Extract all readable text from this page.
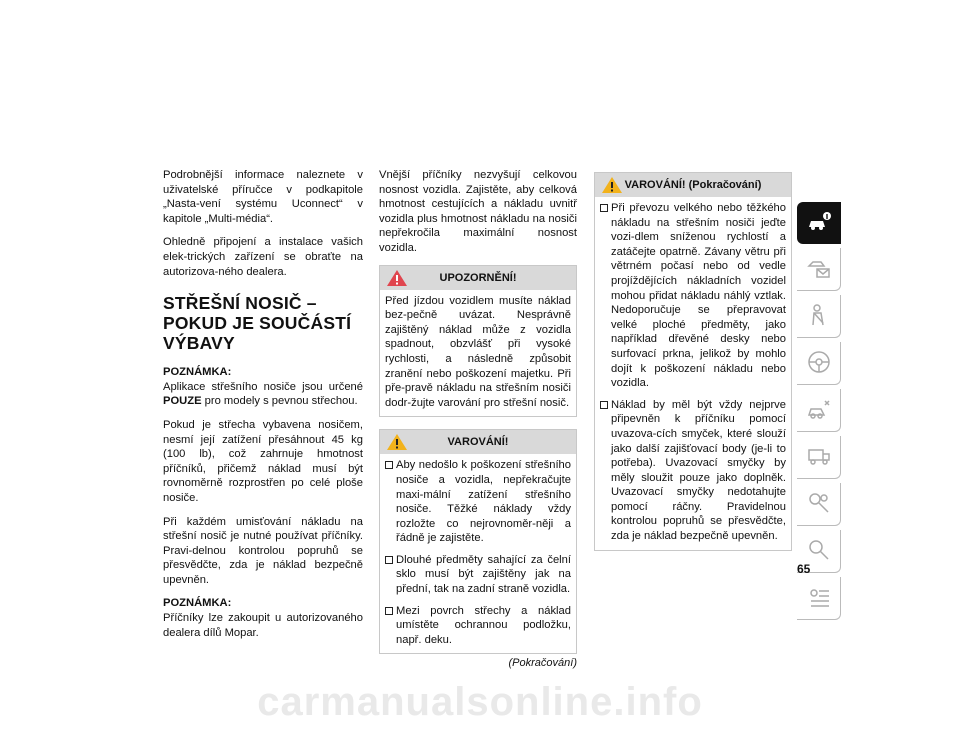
Podrobnější informace naleznete v uživatelské příručce v podkapitole „Nasta-vení systému Uconnect“ v kapitole „Multi-média“.

Ohledně připojení a instalace vašich elek-trických zařízení se obraťte na autorizova-ného dealera.

STŘEŠNÍ NOSIČ – POKUD JE SOUČÁSTÍ VÝBAVY

POZNÁMKA:
Aplikace střešního nosiče jsou určené POUZE pro modely s pevnou střechou.

Pokud je střecha vybavena nosičem, nesmí její zatížení přesáhnout 45 kg (100 lb), což zahrnuje hmotnost příčníků, přičemž náklad musí být rovnoměrně rozprostřen po celé ploše nosiče.

Při každém umisťování nákladu na střešní nosič je nutné používat příčníky. Pravi-delnou kontrolou popruhů se přesvědčte, zda je náklad bezpečně upevněn.

POZNÁMKA:
Příčníky lze zakoupit u autorizovaného dealera dílů Mopar.

Vnější příčníky nezvyšují celkovou nosnost vozidla. Zajistěte, aby celková hmotnost cestujících a nákladu uvnitř vozidla plus hmotnost nákladu na nosiči nepřekročila maximální nosnost vozidla.

UPOZORNĚNÍ!

Před jízdou vozidlem musíte náklad bez-pečně uvázat. Nesprávně zajištěný náklad může z vozidla spadnout, obzvlášť při vysoké rychlosti, a následně způsobit zranění nebo poškození majetku. Při pře-pravě nákladu na střešním nosiči dodr-žujte varování pro střešní nosič.

VAROVÁNÍ!
Aby nedošlo k poškození střešního nosiče a vozidla, nepřekračujte maxi-mální zatížení střešního nosiče. Těžké náklady vždy rozložte co nejrovnoměr-něji a řádně je zajistěte.
Dlouhé předměty sahající za čelní sklo musí být zajištěny jak na přední, tak na zadní straně vozidla.
Mezi povrch střechy a náklad umístěte ochrannou podložku, např. deku.
(Pokračování)
VAROVÁNÍ! (Pokračování)
Při převozu velkého nebo těžkého nákladu na střešním nosiči jeďte vozi-dlem sníženou rychlostí a zatáčejte opatrně. Závany větru při větrném počasí nebo od vedle projíždějících nákladních vozidel mohou přidat nákladu náhlý vztlak. Nedoporučuje se přepravovat velké ploché předměty, jako například dřevěné desky nebo surfovací prkna, jelikož by mohlo dojít k poškození nákladu nebo vozidla.
Náklad by měl být vždy nejprve připevněn k příčníku pomocí uvazova-cích smyček, které slouží jako další zajišťovací body (je-li to potřeba). Uvazovací smyčky by měly sloužit pouze jako doplněk. Uvazovací smyčky nedotahujte pomocí ráčny. Pravidelnou kontrolou popruhů se přesvědčte, zda je náklad bezpečně upevněn.
65
carmanualsonline.info
